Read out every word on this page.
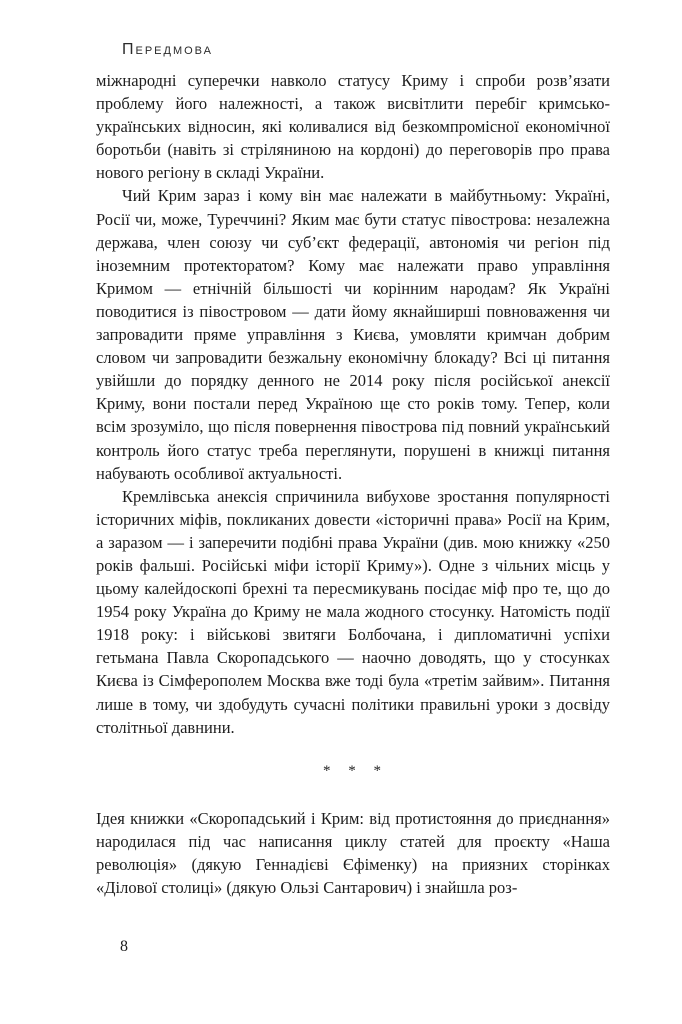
Передмова

міжнародні суперечки навколо статусу Криму і спроби розв’язати проблему його належності, а також висвітлити перебіг кримсько-українських відносин, які коливалися від безкомпромісної економічної боротьби (навіть зі стріляниною на кордоні) до переговорів про права нового регіону в складі України.

Чий Крим зараз і кому він має належати в майбутньому: Україні, Росії чи, може, Туреччині? Яким має бути статус півострова: незалежна держава, член союзу чи суб’єкт федерації, автономія чи регіон під іноземним протекторатом? Кому має належати право управління Кримом — етнічній більшості чи корінним народам? Як Україні поводитися із півостровом — дати йому якнайширші повноваження чи запровадити пряме управління з Києва, умовляти кримчан добрим словом чи запровадити безжальну економічну блокаду? Всі ці питання увійшли до порядку денного не 2014 року після російської анексії Криму, вони постали перед Україною ще сто років тому. Тепер, коли всім зрозуміло, що після повернення півострова під повний український контроль його статус треба переглянути, порушені в книжці питання набувають особливої актуальності.

Кремлівська анексія спричинила вибухове зростання популярності історичних міфів, покликаних довести «історичні права» Росії на Крим, а заразом — і заперечити подібні права України (див. мою книжку «250 років фальші. Російські міфи історії Криму»). Одне з чільних місць у цьому калейдоскопі брехні та пересмикувань посідає міф про те, що до 1954 року Україна до Криму не мала жодного стосунку. Натомість події 1918 року: і військові звитяги Болбочана, і дипломатичні успіхи гетьмана Павла Скоропадського — наочно доводять, що у стосунках Києва із Сімферополем Москва вже тоді була «третім зайвим». Питання лише в тому, чи здобудуть сучасні політики правильні уроки з досвіду столітньої давнини.

* * *

Ідея книжки «Скоропадський і Крим: від протистояння до приєднання» народилася під час написання циклу статей для проєкту «Наша революція» (дякую Геннадієві Єфіменку) на приязних сторінках «Ділової столиці» (дякую Ользі Сантарович) і знайшла роз-

8
